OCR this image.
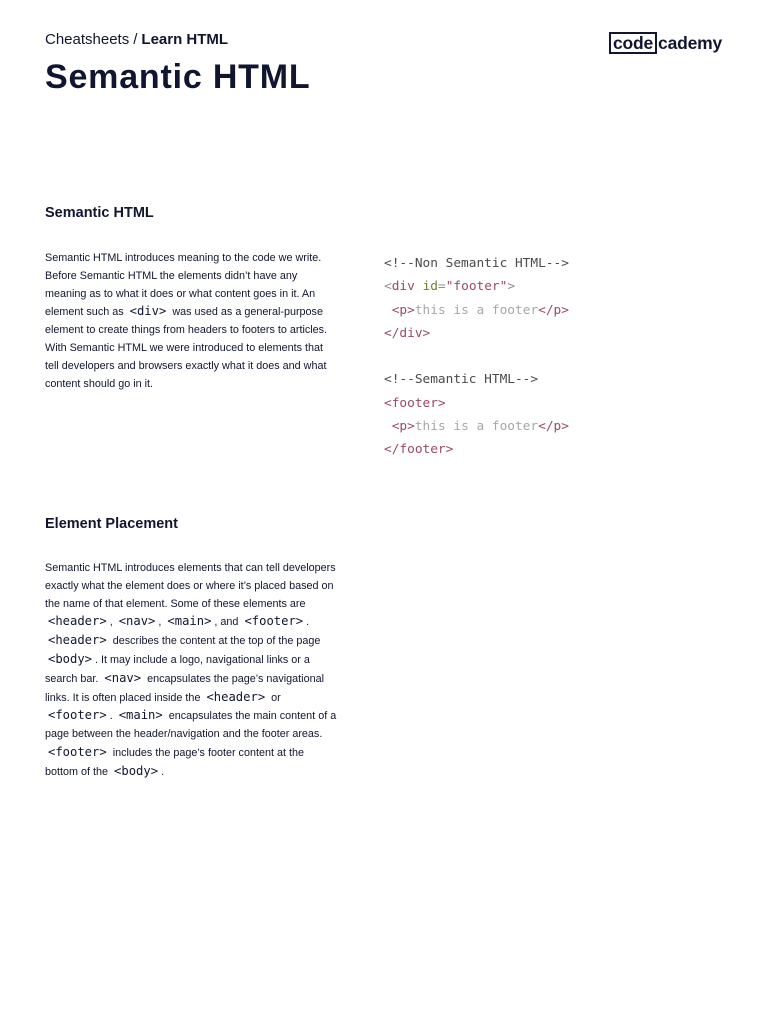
Cheatsheets / Learn HTML	code cademy
Semantic HTML
Semantic HTML

Semantic HTML introduces meaning to the code we write. Before Semantic HTML the elements didn’t have any meaning as to what it does or what content goes in it. An element such as <div> was used as a general-purpose element to create things from headers to footers to articles. With Semantic HTML we were introduced to elements that tell developers and browsers exactly what it does and what content should go in it.

<!--Non Semantic HTML-->
<div id="footer">
<p>this is a footer</p>
</div>

<!--Semantic HTML-->
<footer>
<p>this is a footer</p>
</footer>
Element Placement

Semantic HTML introduces elements that can tell developers exactly what the element does or where it’s placed based on the name of that element. Some of these elements are <header> , <nav> , <main> , and <footer> . <header> describes the content at the top of the page <body> . It may include a logo, navigational links or a search bar. <nav> encapsulates the page’s navigational links. It is often placed inside the <header> or <footer> . <main> encapsulates the main content of a page between the header/navigation and the footer areas. <footer> includes the page’s footer content at the bottom of the <body> .
